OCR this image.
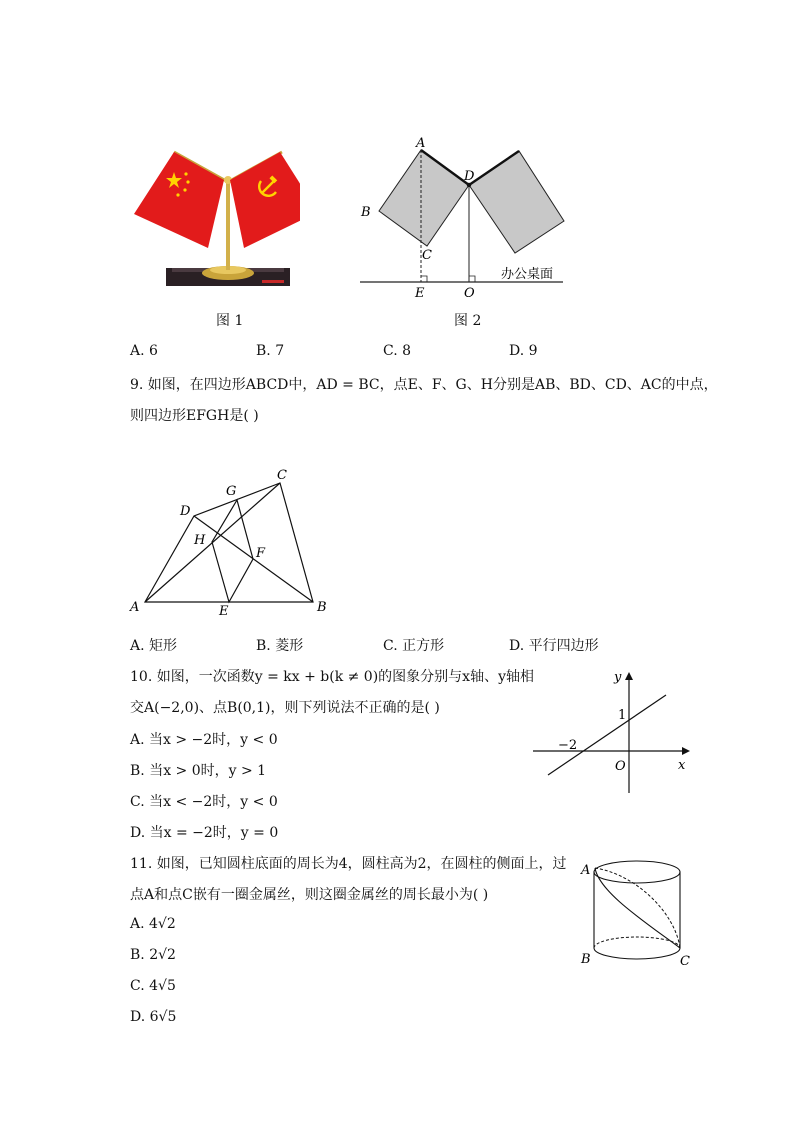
图 1
A
B
C
D
E	O
办公桌面
图 2
A. 6	B. 7	C. 8	D. 9
9. 如图，在四边形ABCD中，AD = BC，点E、F、G、H分别是AB、BD、CD、AC的中点，
则四边形EFGH是( )
A	B
C
D
E
F
G
H
A. 矩形	B. 菱形	C. 正方形	D. 平行四边形
10. 如图，一次函数y = kx + b(k ≠ 0)的图象分别与x轴、y轴相
交A(−2,0)、点B(0,1)，则下列说法不正确的是( )
A. 当x > −2时，y < 0
B. 当x > 0时，y > 1
C. 当x < −2时，y < 0
D. 当x = −2时，y = 0
y
x
1
−2
O
11. 如图，已知圆柱底面的周长为4，圆柱高为2，在圆柱的侧面上，过
点A和点C嵌有一圈金属丝，则这圈金属丝的周长最小为( )
A. 4√2
B. 2√2
C. 4√5
D. 6√5
A
B	C
